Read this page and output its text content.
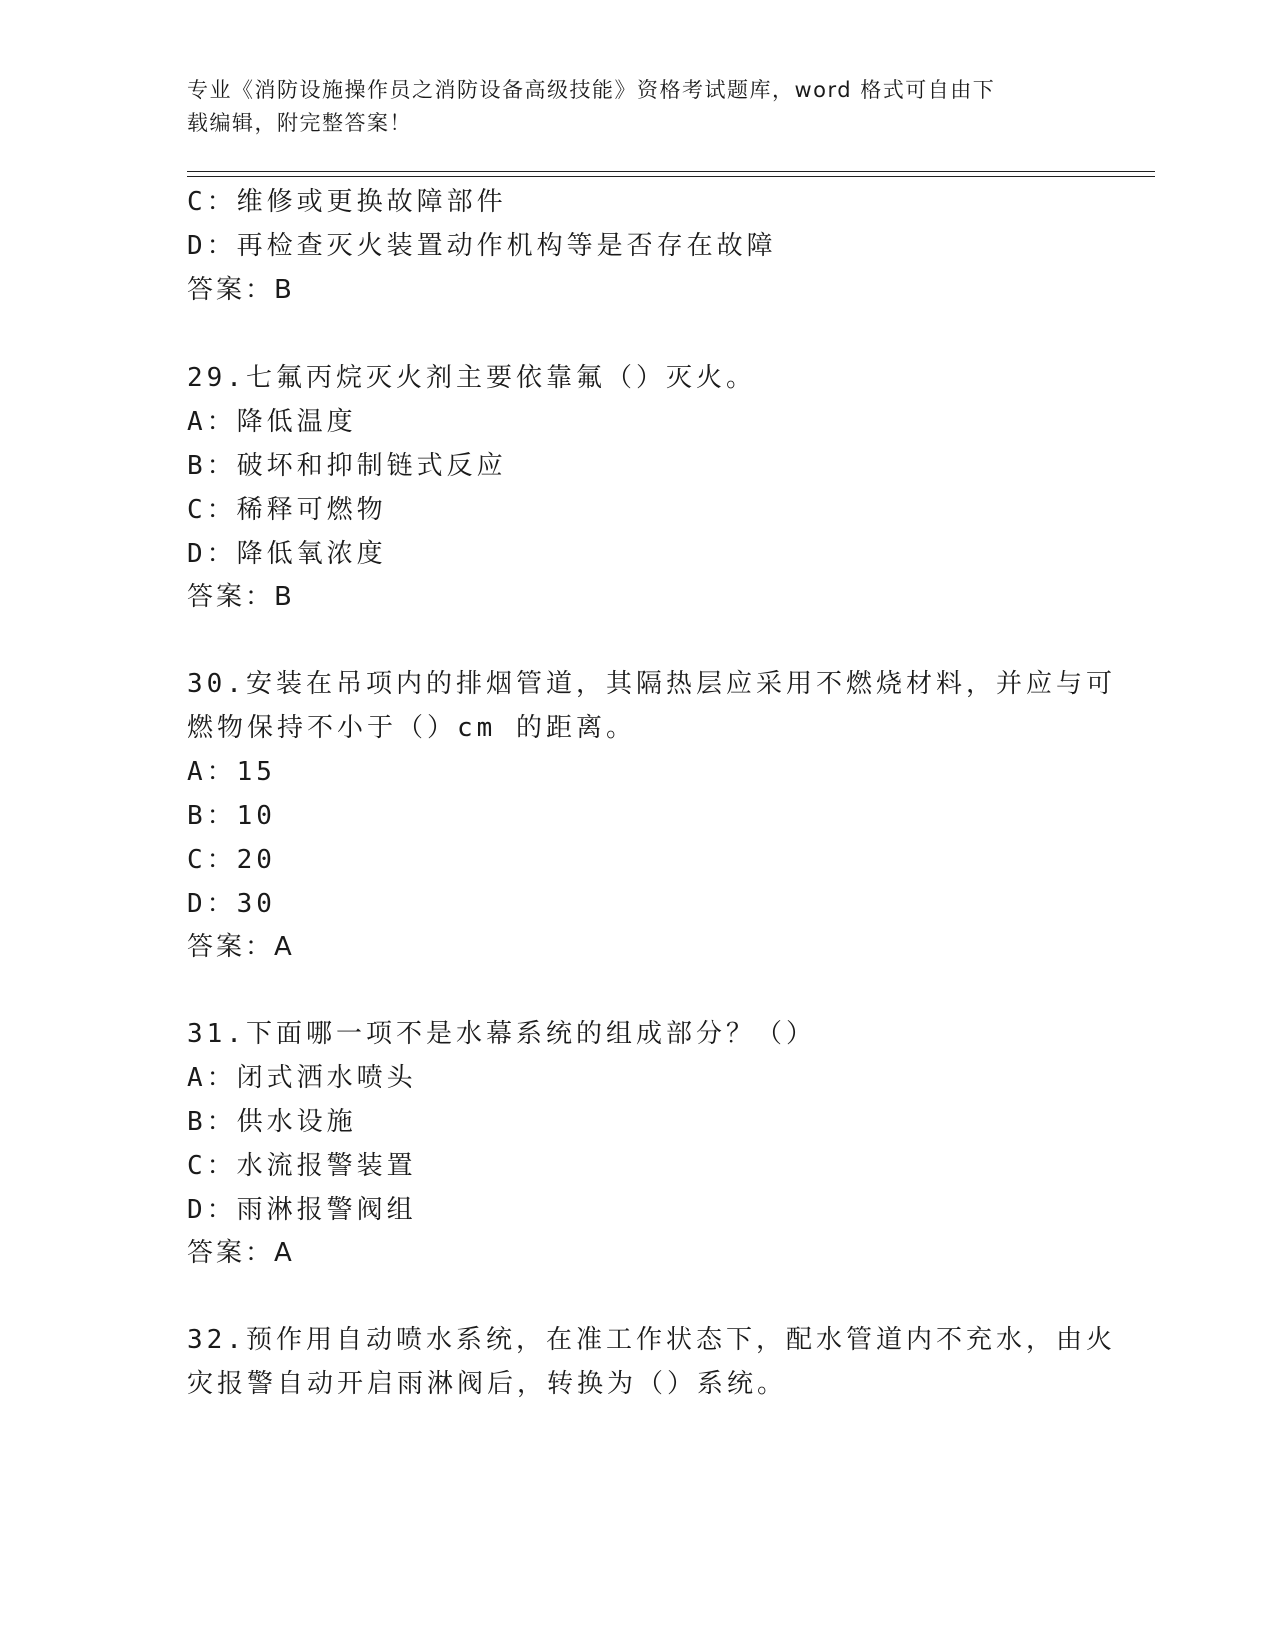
专业《消防设施操作员之消防设备高级技能》资格考试题库，word 格式可自由下
载编辑，附完整答案！
C：维修或更换故障部件
D：再检查灭火装置动作机构等是否存在故障
答案：B
29.七氟丙烷灭火剂主要依靠氟（）灭火。
A：降低温度
B：破坏和抑制链式反应
C：稀释可燃物
D：降低氧浓度
答案：B
30.安装在吊项内的排烟管道，其隔热层应采用不燃烧材料，并应与可
燃物保持不小于（）cm 的距离。
A：15
B：10
C：20
D：30
答案：A
31.下面哪一项不是水幕系统的组成部分？（）
A：闭式洒水喷头
B：供水设施
C：水流报警装置
D：雨淋报警阀组
答案：A
32.预作用自动喷水系统，在准工作状态下，配水管道内不充水，由火
灾报警自动开启雨淋阀后，转换为（）系统。
